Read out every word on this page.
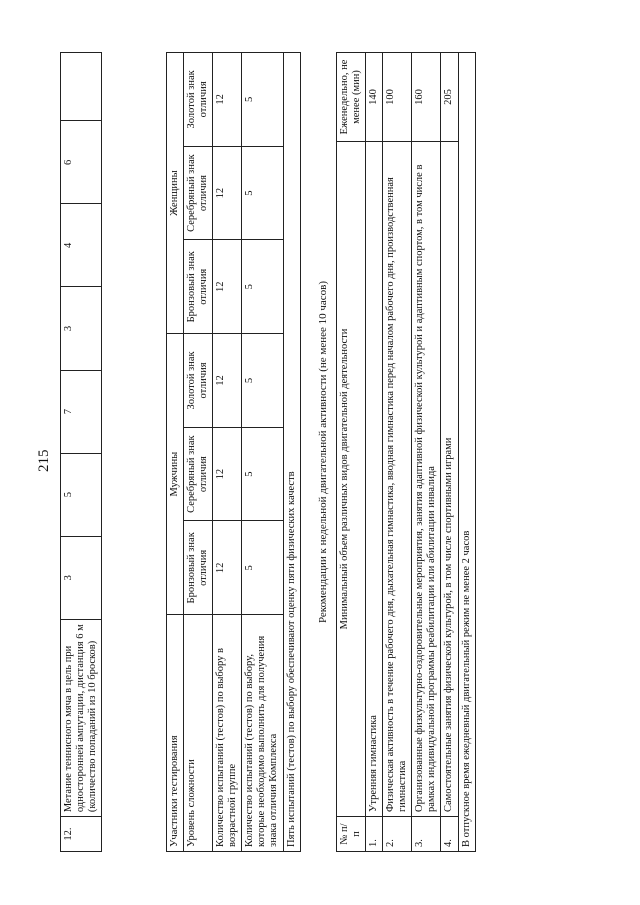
12.	Метание теннисного мяча в цель при односторонней ампутации, дистанция 6 м (количество попаданий из 10 бросков)	3	5	7	3	4	6	
Участники тестирования	Мужчины			Женщины		
Уровень сложности	Бронзовый знак отличия	Серебряный знак отличия	Золотой знак отличия	Бронзовый знак отличия	Серебряный знак отличия	Золотой знак отличия
Количество испытаний (тестов) по выбору в возрастной группе	12	12	12	12	12	12
Количество испытаний (тестов) по выбору, которые необходимо выполнить для получения знака отличия Комплекса	5	5	5	5	5	5
Пять испытаний (тестов) по выбору обеспечивают оценку пяти физических качеств						
Рекомендации к недельной двигательной активности (не менее 10 часов)
№ п/п	Минимальный объем различных видов двигательной деятельности	Еженедельно, не менее (мин)
1.	Утренняя гимнастика	140
2.	Физическая активность в течение рабочего дня, дыхательная гимнастика, вводная гимнастика перед началом рабочего дня, производственная гимнастика	100
3.	Организованные физкультурно-оздоровительные мероприятия, занятия адаптивной физической культурой и адаптивным спортом, в том числе в рамках индивидуальной программы реабилитации или абилитации инвалида	160
4.	Самостоятельные занятия физической культурой, в том числе спортивными играми	205
В отпускное время ежедневный двигательный режим не менее 2 часов		
215
